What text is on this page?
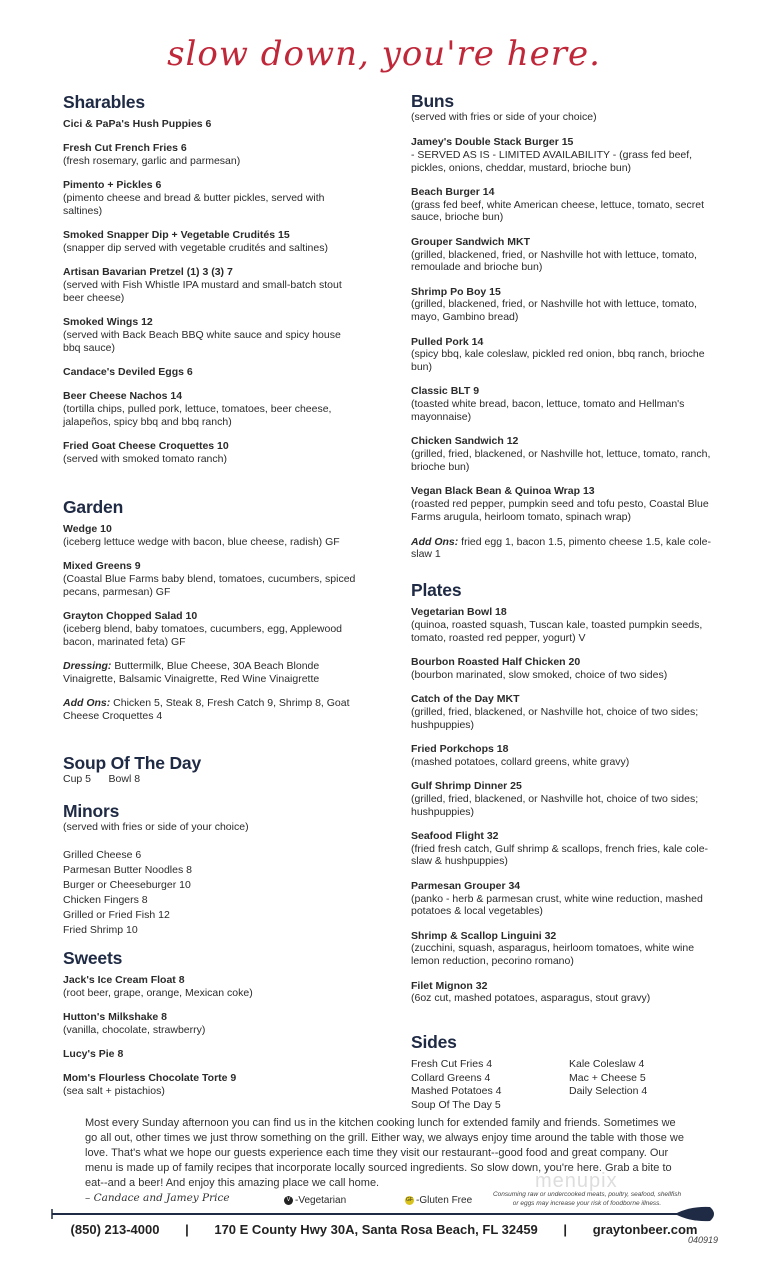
slow down, you're here.
menupix
Most every Sunday afternoon you can find us in the kitchen cooking lunch for extended family and friends. Sometimes we go all out, other times we just throw something on the grill. Either way, we always enjoy time around the table with those we love. That's what we hope our guests experience each time they visit our restaurant--good food and great company. Our menu is made up of family recipes that incorporate locally sourced ingredients. So slow down, you're here. Grab a bite to eat--and a beer! And enjoy this amazing place we call home.
– Candace and Jamey Price	V -Vegetarian	GF -Gluten Free
Consuming raw or undercooked meats, poultry, seafood, shellfish or eggs may increase your risk of foodborne illness.
(850) 213-4000 | 170 E County Hwy 30A, Santa Rosa Beach, FL 32459 | graytonbeer.com
040919
Sharables
Cici & PaPa's Hush Puppies 6
Fresh Cut French Fries 6
(fresh rosemary, garlic and parmesan)
Pimento + Pickles 6
(pimento cheese and bread & butter pickles, served with saltines)
Smoked Snapper Dip + Vegetable Crudités 15
(snapper dip served with vegetable crudités and saltines)
Artisan Bavarian Pretzel (1) 3 (3) 7
(served with Fish Whistle IPA mustard and small-batch stout beer cheese)
Smoked Wings 12
(served with Back Beach BBQ white sauce and spicy house bbq sauce)
Candace's Deviled Eggs 6
Beer Cheese Nachos 14
(tortilla chips, pulled pork, lettuce, tomatoes, beer cheese, jalapeños, spicy bbq and bbq ranch)
Fried Goat Cheese Croquettes 10
(served with smoked tomato ranch)
Garden
Wedge 10
(iceberg lettuce wedge with bacon, blue cheese, radish) GF
Mixed Greens 9
(Coastal Blue Farms baby blend, tomatoes, cucumbers, spiced pecans, parmesan) GF
Grayton Chopped Salad 10
(iceberg blend, baby tomatoes, cucumbers, egg, Applewood bacon, marinated feta) GF
Dressing: Buttermilk, Blue Cheese, 30A Beach Blonde Vinaigrette, Balsamic Vinaigrette, Red Wine Vinaigrette
Add Ons: Chicken 5, Steak 8, Fresh Catch 9, Shrimp 8, Goat Cheese Croquettes 4
Soup Of The Day
Cup 5      Bowl 8
Minors
(served with fries or side of your choice)
Grilled Cheese 6
Parmesan Butter Noodles 8
Burger or Cheeseburger 10
Chicken Fingers 8
Grilled or Fried Fish 12
Fried Shrimp 10
Sweets
Jack's Ice Cream Float 8
(root beer, grape, orange, Mexican coke)
Hutton's Milkshake 8
(vanilla, chocolate, strawberry)
Lucy's Pie 8
Mom's Flourless Chocolate Torte 9
(sea salt + pistachios)
Buns
(served with fries or side of your choice)
Jamey's Double Stack Burger 15
- SERVED AS IS - LIMITED AVAILABILITY - (grass fed beef, pickles, onions, cheddar, mustard, brioche bun)
Beach Burger 14
(grass fed beef, white American cheese, lettuce, tomato, secret sauce, brioche bun)
Grouper Sandwich MKT
(grilled, blackened, fried, or Nashville hot with lettuce, tomato, remoulade and brioche bun)
Shrimp Po Boy 15
(grilled, blackened, fried, or Nashville hot with lettuce, tomato, mayo, Gambino bread)
Pulled Pork 14
(spicy bbq, kale coleslaw, pickled red onion, bbq ranch, brioche bun)
Classic BLT 9
(toasted white bread, bacon, lettuce, tomato and Hellman's mayonnaise)
Chicken Sandwich 12
(grilled, fried, blackened, or Nashville hot, lettuce, tomato, ranch, brioche bun)
Vegan Black Bean & Quinoa Wrap 13
(roasted red pepper, pumpkin seed and tofu pesto, Coastal Blue Farms arugula, heirloom tomato, spinach wrap)
Add Ons: fried egg 1, bacon 1.5, pimento cheese 1.5, kale cole-slaw 1
Plates
Vegetarian Bowl 18
(quinoa, roasted squash, Tuscan kale, toasted pumpkin seeds, tomato, roasted red pepper, yogurt) V
Bourbon Roasted Half Chicken 20
(bourbon marinated, slow smoked, choice of two sides)
Catch of the Day MKT
(grilled, fried, blackened, or Nashville hot, choice of two sides; hushpuppies)
Fried Porkchops 18
(mashed potatoes, collard greens, white gravy)
Gulf Shrimp Dinner 25
(grilled, fried, blackened, or Nashville hot, choice of two sides; hushpuppies)
Seafood Flight 32
(fried fresh catch, Gulf shrimp & scallops, french fries, kale cole-slaw & hushpuppies)
Parmesan Grouper 34
(panko - herb & parmesan crust, white wine reduction, mashed potatoes & local vegetables)
Shrimp & Scallop Linguini 32
(zucchini, squash, asparagus, heirloom tomatoes, white wine lemon reduction, pecorino romano)
Filet Mignon 32
(6oz cut, mashed potatoes, asparagus, stout gravy)
Sides
Fresh Cut Fries 4	Kale Coleslaw 4
Collard Greens 4	Mac + Cheese 5
Mashed Potatoes 4	Daily Selection 4
Soup Of The Day 5
